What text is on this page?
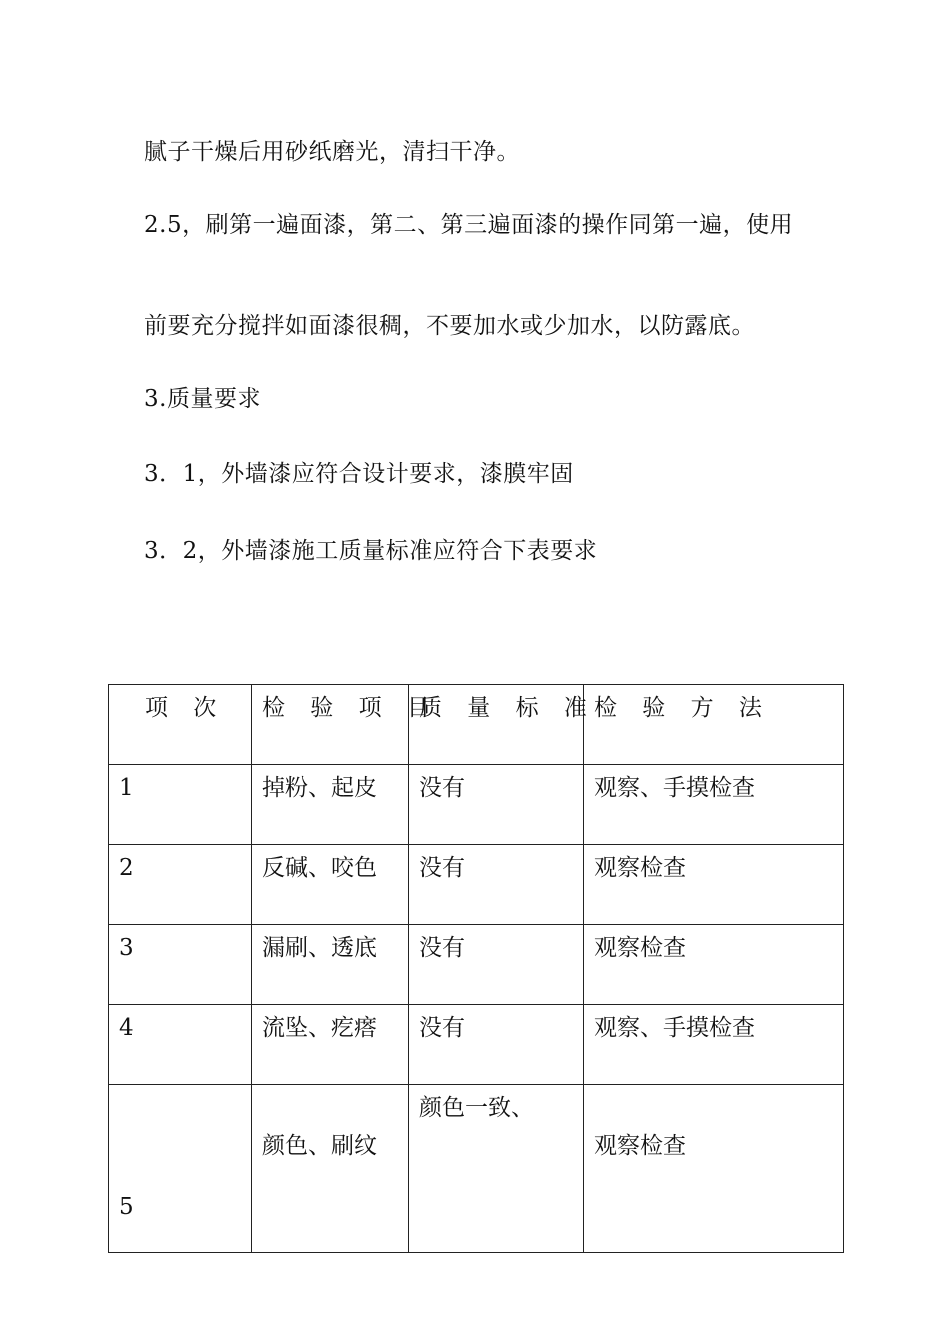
腻子干燥后用砂纸磨光，清扫干净。

2.5，刷第一遍面漆，第二、第三遍面漆的操作同第一遍，使用

前要充分搅拌如面漆很稠，不要加水或少加水，以防露底。

3.质量要求

3．1，外墙漆应符合设计要求，漆膜牢固

3．2，外墙漆施工质量标准应符合下表要求

项 次	检 验 项 目	质 量 标 准	检 验 方 法
1	掉粉、起皮	没有	观察、手摸检查
2	反碱、咬色	没有	观察检查
3	漏刷、透底	没有	观察检查
4	流坠、疙瘩	没有	观察、手摸检查
5	颜色、刷纹	颜色一致、	观察检查
